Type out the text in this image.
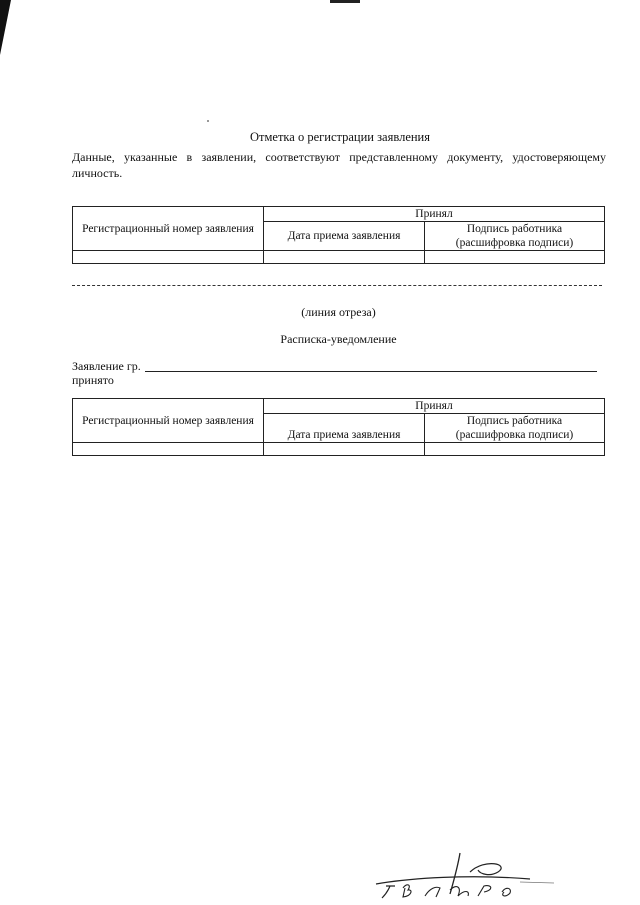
Отметка о регистрации заявления
Данные, указанные в заявлении, соответствуют представленному документу, удостоверяющему личность.
Регистрационный номер заявления	Принял	
	Дата приема заявления	Подпись работника
(расшифровка подписи)

(линия отреза)
Расписка-уведомление
Заявление гр.
принято
Регистрационный номер заявления	Принял	
	Дата приема заявления	Подпись работника
(расшифровка подписи)

Г.В.Пар.б
